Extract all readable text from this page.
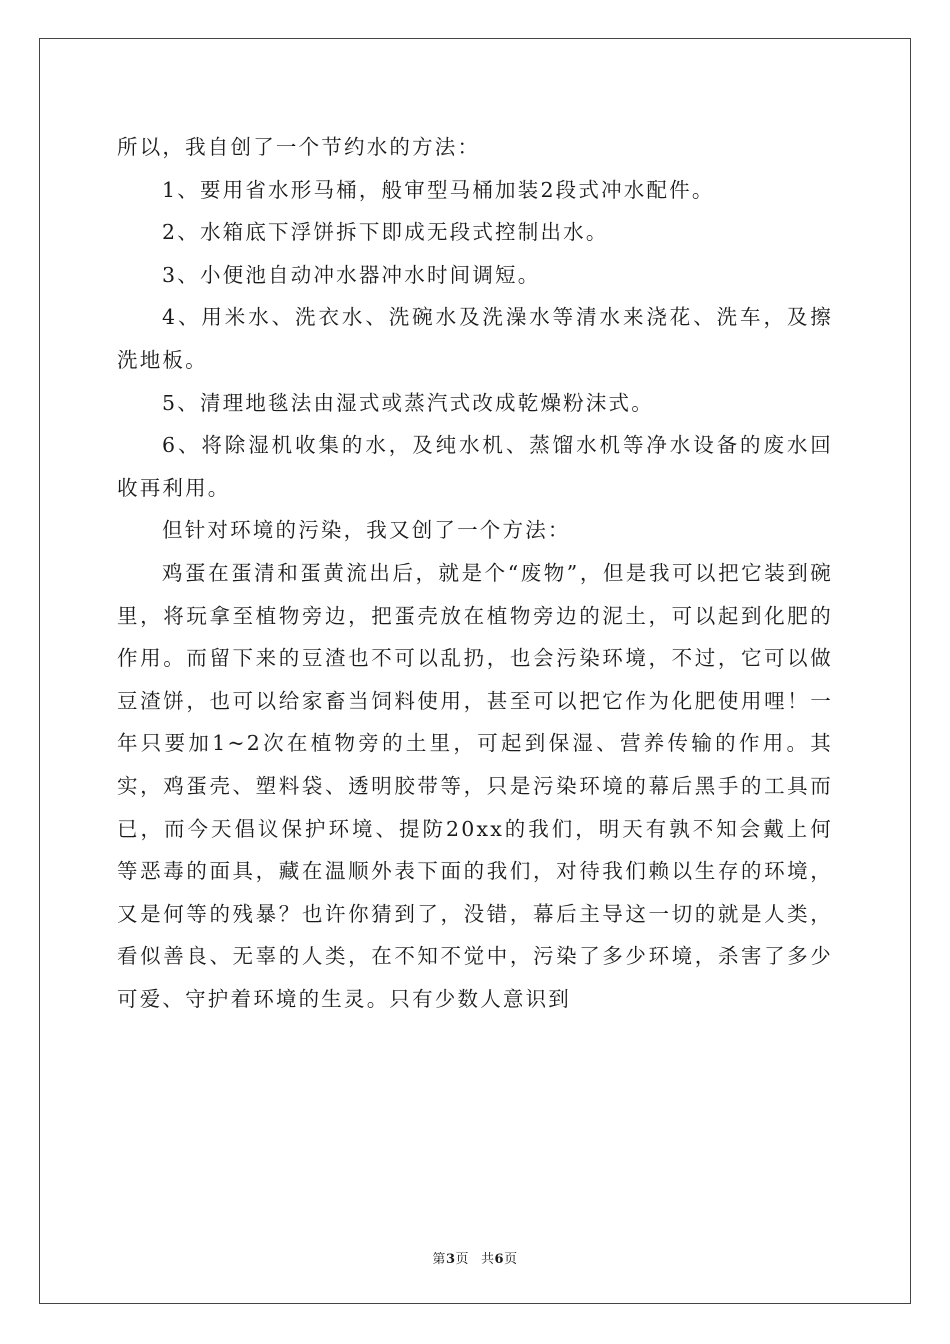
所以，我自创了一个节约水的方法：

1、要用省水形马桶，般审型马桶加装2段式冲水配件。

2、水箱底下浮饼拆下即成无段式控制出水。

3、小便池自动冲水器冲水时间调短。

4、用米水、洗衣水、洗碗水及洗澡水等清水来浇花、洗车，及擦洗地板。

5、清理地毯法由湿式或蒸汽式改成乾燥粉沫式。

6、将除湿机收集的水，及纯水机、蒸馏水机等净水设备的废水回收再利用。

但针对环境的污染，我又创了一个方法：

鸡蛋在蛋清和蛋黄流出后，就是个“废物”，但是我可以把它装到碗里，将玩拿至植物旁边，把蛋壳放在植物旁边的泥土，可以起到化肥的作用。而留下来的豆渣也不可以乱扔，也会污染环境，不过，它可以做豆渣饼，也可以给家畜当饲料使用，甚至可以把它作为化肥使用哩！一年只要加1~2次在植物旁的土里，可起到保湿、营养传输的作用。其实，鸡蛋壳、塑料袋、透明胶带等，只是污染环境的幕后黑手的工具而已，而今天倡议保护环境、提防20xx的我们，明天有孰不知会戴上何等恶毒的面具，藏在温顺外表下面的我们，对待我们赖以生存的环境，又是何等的残暴？也许你猜到了，没错，幕后主导这一切的就是人类，看似善良、无辜的人类，在不知不觉中，污染了多少环境，杀害了多少可爱、守护着环境的生灵。只有少数人意识到

第3页 共6页
